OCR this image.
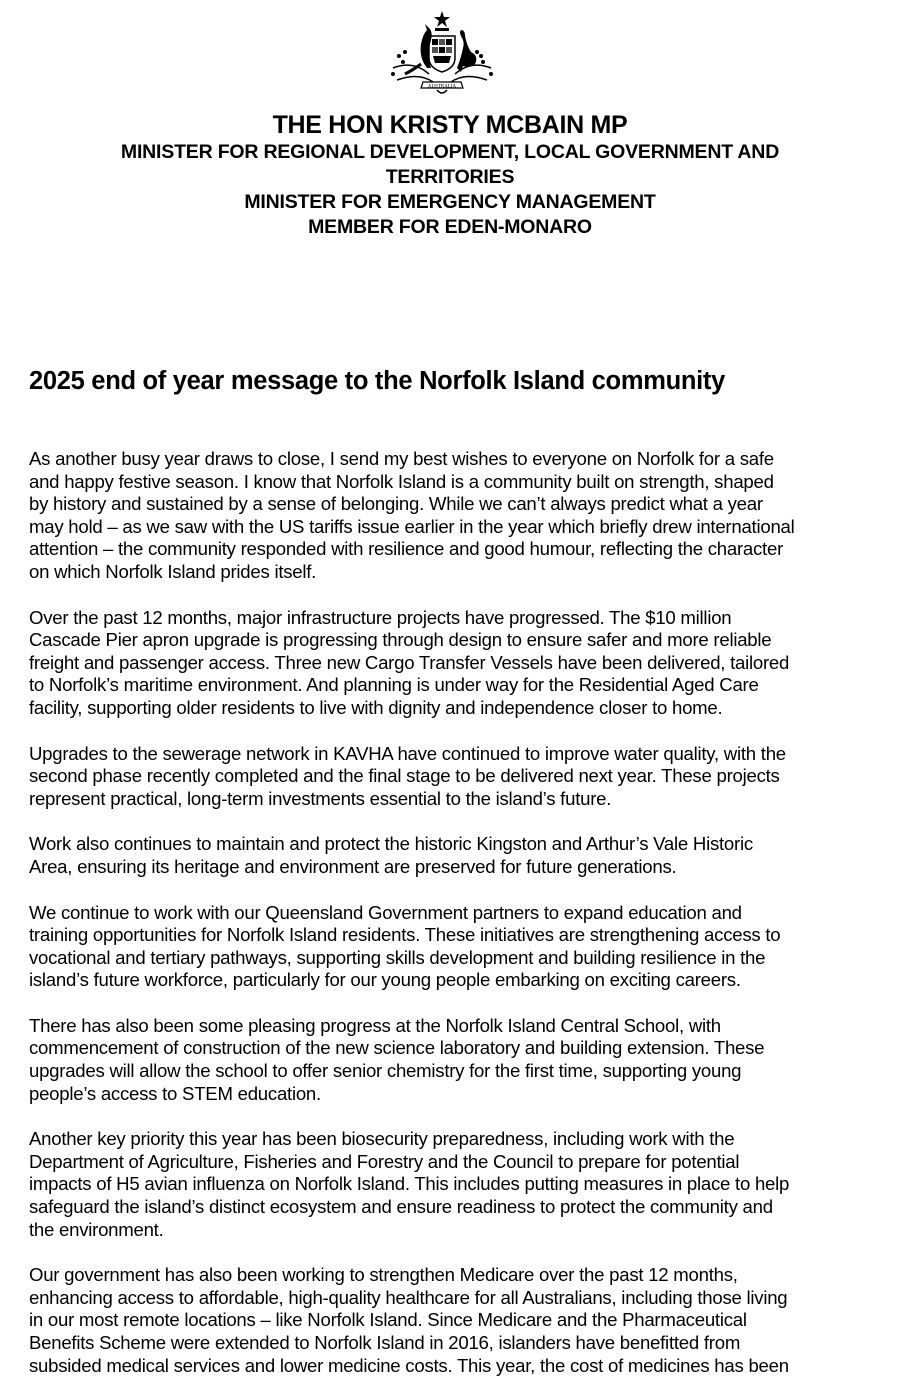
AUSTRALIA

THE HON KRISTY MCBAIN MP

MINISTER FOR REGIONAL DEVELOPMENT, LOCAL GOVERNMENT AND

TERRITORIES

MINISTER FOR EMERGENCY MANAGEMENT

MEMBER FOR EDEN-MONARO

2025 end of year message to the Norfolk Island community

As another busy year draws to close, I send my best wishes to everyone on Norfolk for a safe
and happy festive season. I know that Norfolk Island is a community built on strength, shaped
by history and sustained by a sense of belonging. While we can’t always predict what a year
may hold – as we saw with the US tariffs issue earlier in the year which briefly drew international
attention – the community responded with resilience and good humour, reflecting the character
on which Norfolk Island prides itself.

Over the past 12 months, major infrastructure projects have progressed. The $10 million
Cascade Pier apron upgrade is progressing through design to ensure safer and more reliable
freight and passenger access. Three new Cargo Transfer Vessels have been delivered, tailored
to Norfolk’s maritime environment. And planning is under way for the Residential Aged Care
facility, supporting older residents to live with dignity and independence closer to home.

Upgrades to the sewerage network in KAVHA have continued to improve water quality, with the
second phase recently completed and the final stage to be delivered next year. These projects
represent practical, long-term investments essential to the island’s future.

Work also continues to maintain and protect the historic Kingston and Arthur’s Vale Historic
Area, ensuring its heritage and environment are preserved for future generations.

We continue to work with our Queensland Government partners to expand education and
training opportunities for Norfolk Island residents. These initiatives are strengthening access to
vocational and tertiary pathways, supporting skills development and building resilience in the
island’s future workforce, particularly for our young people embarking on exciting careers.

There has also been some pleasing progress at the Norfolk Island Central School, with
commencement of construction of the new science laboratory and building extension. These
upgrades will allow the school to offer senior chemistry for the first time, supporting young
people’s access to STEM education.

Another key priority this year has been biosecurity preparedness, including work with the
Department of Agriculture, Fisheries and Forestry and the Council to prepare for potential
impacts of H5 avian influenza on Norfolk Island. This includes putting measures in place to help
safeguard the island’s distinct ecosystem and ensure readiness to protect the community and
the environment.

Our government has also been working to strengthen Medicare over the past 12 months,
enhancing access to affordable, high-quality healthcare for all Australians, including those living
in our most remote locations – like Norfolk Island. Since Medicare and the Pharmaceutical
Benefits Scheme were extended to Norfolk Island in 2016, islanders have benefitted from
subsided medical services and lower medicine costs. This year, the cost of medicines has been
